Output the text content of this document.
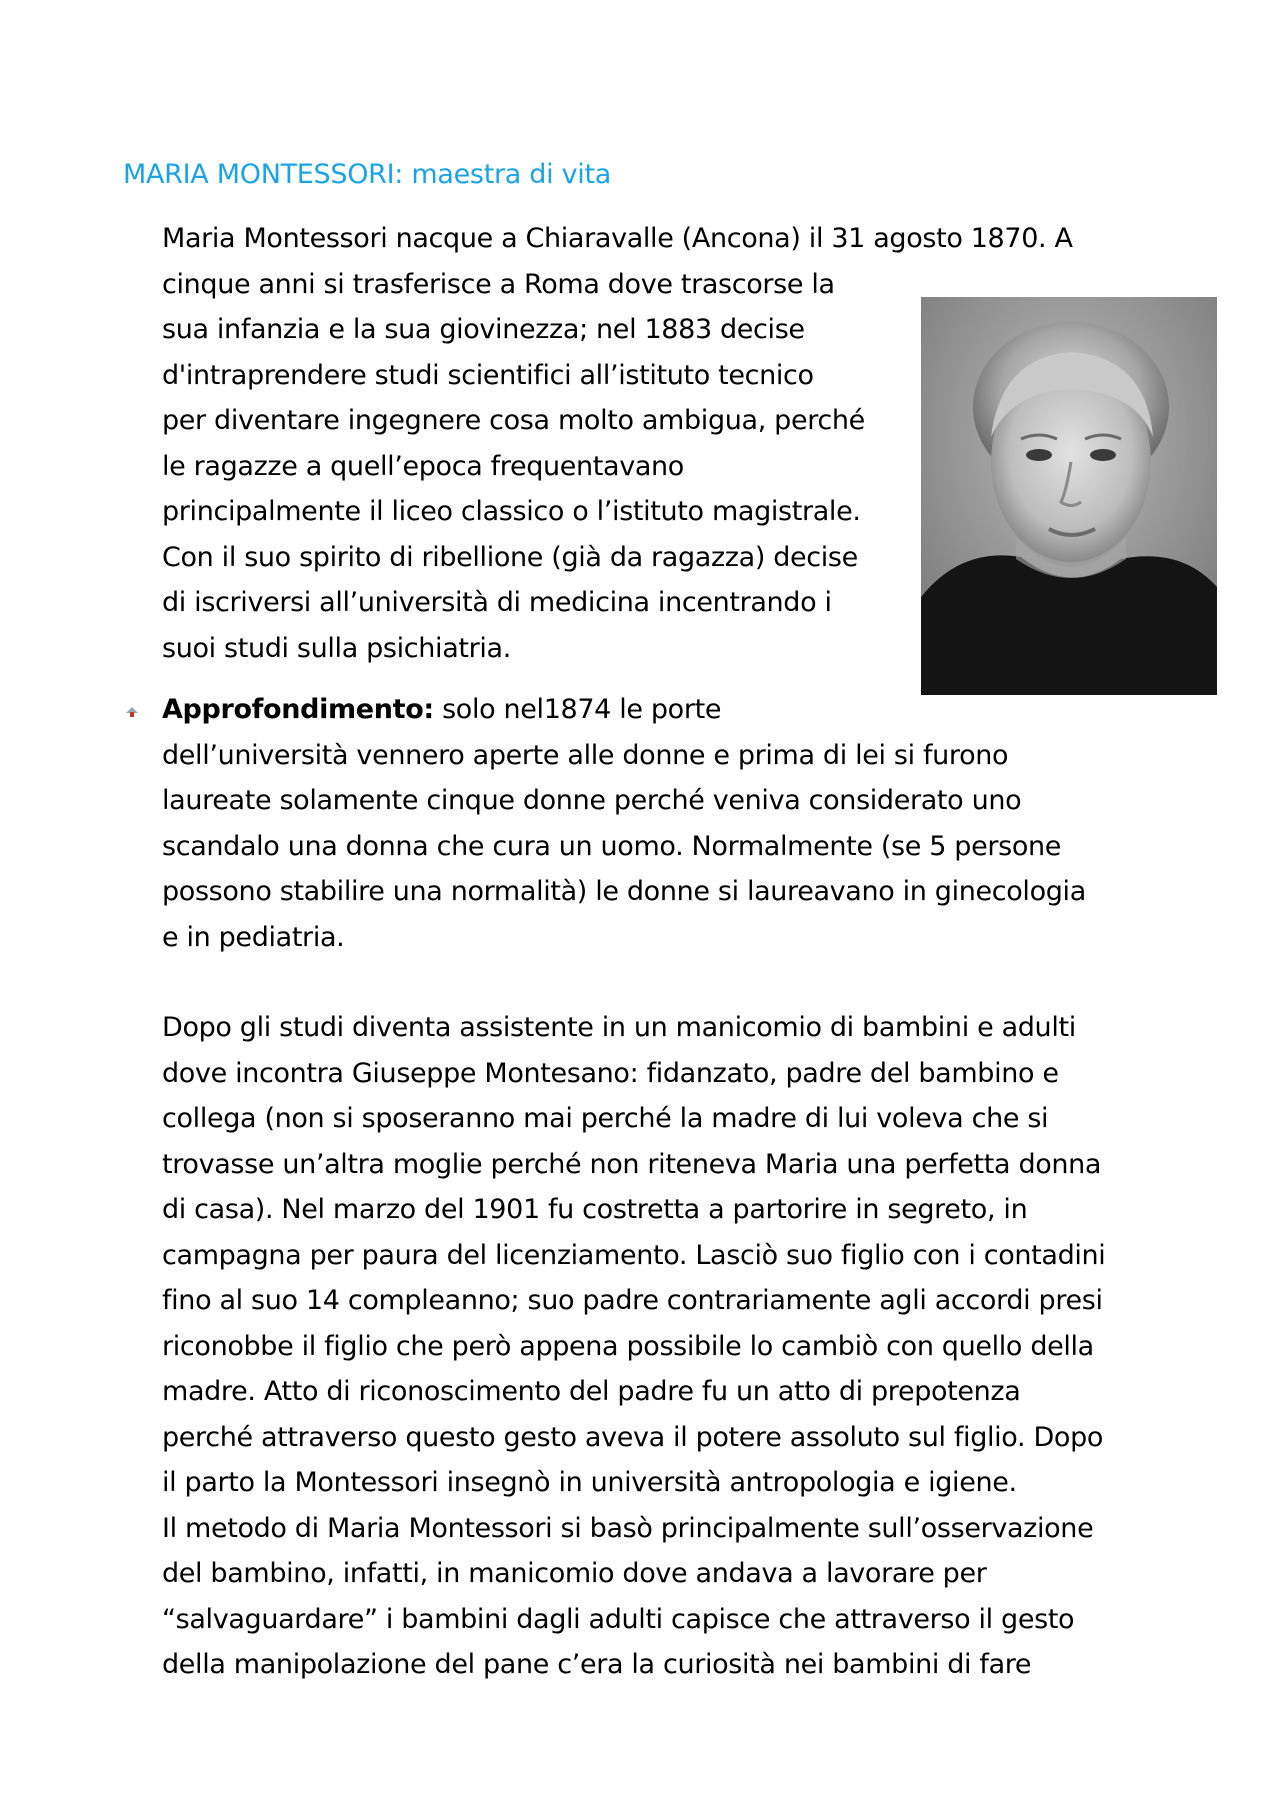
MARIA MONTESSORI: maestra di vita
Maria Montessori nacque a Chiaravalle (Ancona) il 31 agosto 1870. A
cinque anni si trasferisce a Roma dove trascorse la
sua infanzia e la sua giovinezza; nel 1883 decise
d'intraprendere studi scientifici all’istituto tecnico
per diventare ingegnere cosa molto ambigua, perché
le ragazze a quell’epoca frequentavano
principalmente il liceo classico o l’istituto magistrale.
Con il suo spirito di ribellione (già da ragazza) decise
di iscriversi all’università di medicina incentrando i
suoi studi sulla psichiatria.
Approfondimento: solo nel1874 le porte
dell’università vennero aperte alle donne e prima di lei si furono
laureate solamente cinque donne perché veniva considerato uno
scandalo una donna che cura un uomo. Normalmente (se 5 persone
possono stabilire una normalità) le donne si laureavano in ginecologia
e in pediatria.
Dopo gli studi diventa assistente in un manicomio di bambini e adulti
dove incontra Giuseppe Montesano: fidanzato, padre del bambino e
collega (non si sposeranno mai perché la madre di lui voleva che si
trovasse un’altra moglie perché non riteneva Maria una perfetta donna
di casa). Nel marzo del 1901 fu costretta a partorire in segreto, in
campagna per paura del licenziamento. Lasciò suo figlio con i contadini
fino al suo 14 compleanno; suo padre contrariamente agli accordi presi
riconobbe il figlio che però appena possibile lo cambiò con quello della
madre. Atto di riconoscimento del padre fu un atto di prepotenza
perché attraverso questo gesto aveva il potere assoluto sul figlio. Dopo
il parto la Montessori insegnò in università antropologia e igiene.
Il metodo di Maria Montessori si basò principalmente sull’osservazione
del bambino, infatti, in manicomio dove andava a lavorare per
“salvaguardare” i bambini dagli adulti capisce che attraverso il gesto
della manipolazione del pane c’era la curiosità nei bambini di fare
